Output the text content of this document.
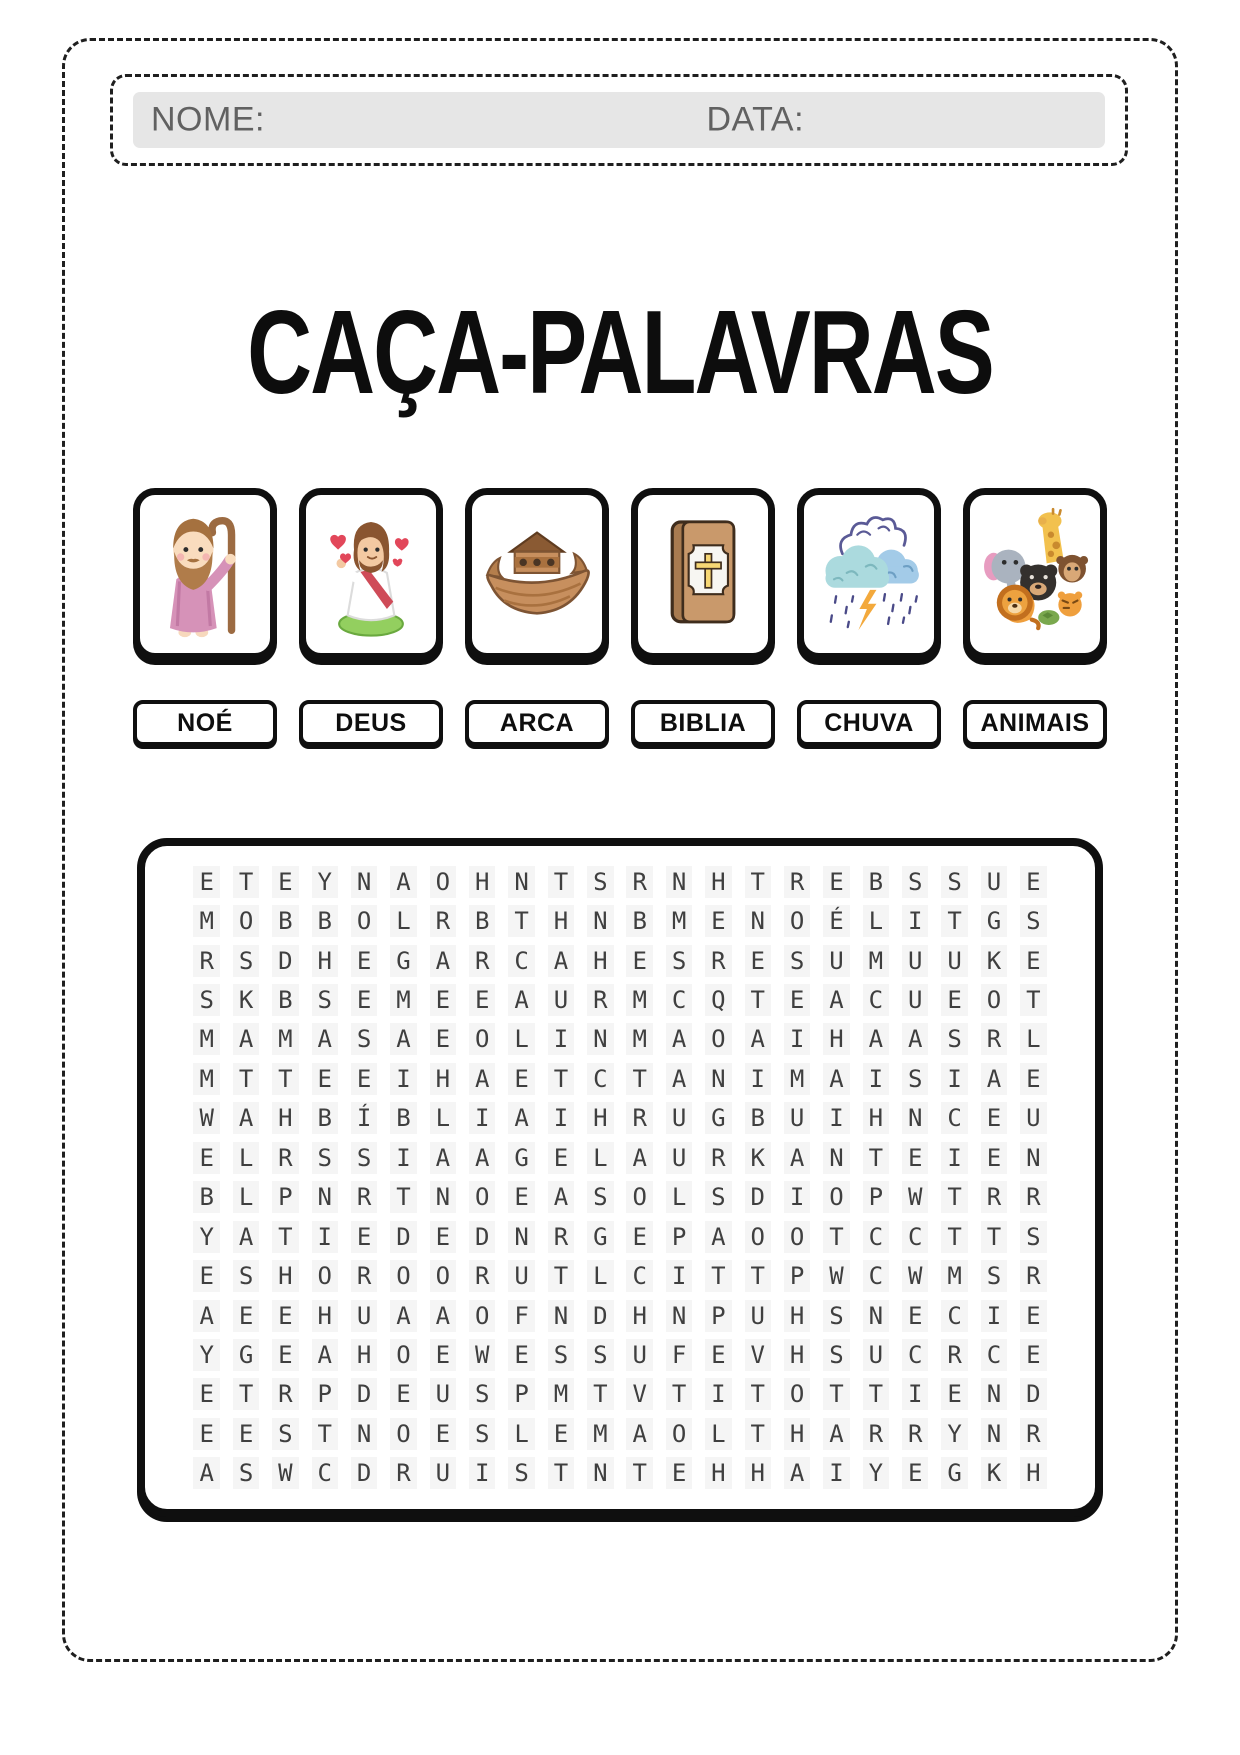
NOME:	DATA:
CAÇA-PALAVRAS
NOÉ	DEUS	ARCA	BIBLIA	CHUVA	ANIMAIS
E T E Y N A O H N T S R N H T R E B S S U E
M O B B O L R B T H N B M E N O É L I T G S
R S D H E G A R C A H E S R E S U M U U K E
S K B S E M E E A U R M C Q T E A C U E O T
M A M A S A E O L I N M A O A I H A A S R L
M T T E E I H A E T C T A N I M A I S I A E
W A H B Í B L I A I H R U G B U I H N C E U
E L R S S I A A G E L A U R K A N T E I E N
B L P N R T N O E A S O L S D I O P W T R R
Y A T I E D E D N R G E P A O O T C C T T S
E S H O R O O R U T L C I T T P W C W M S R
A E E H U A A O F N D H N P U H S N E C I E
Y G E A H O E W E S S U F E V H S U C R C E
E T R P D E U S P M T V T I T O T T I E N D
E E S T N O E S L E M A O L T H A R R Y N R
A S W C D R U I S T N T E H H A I Y E G K H
